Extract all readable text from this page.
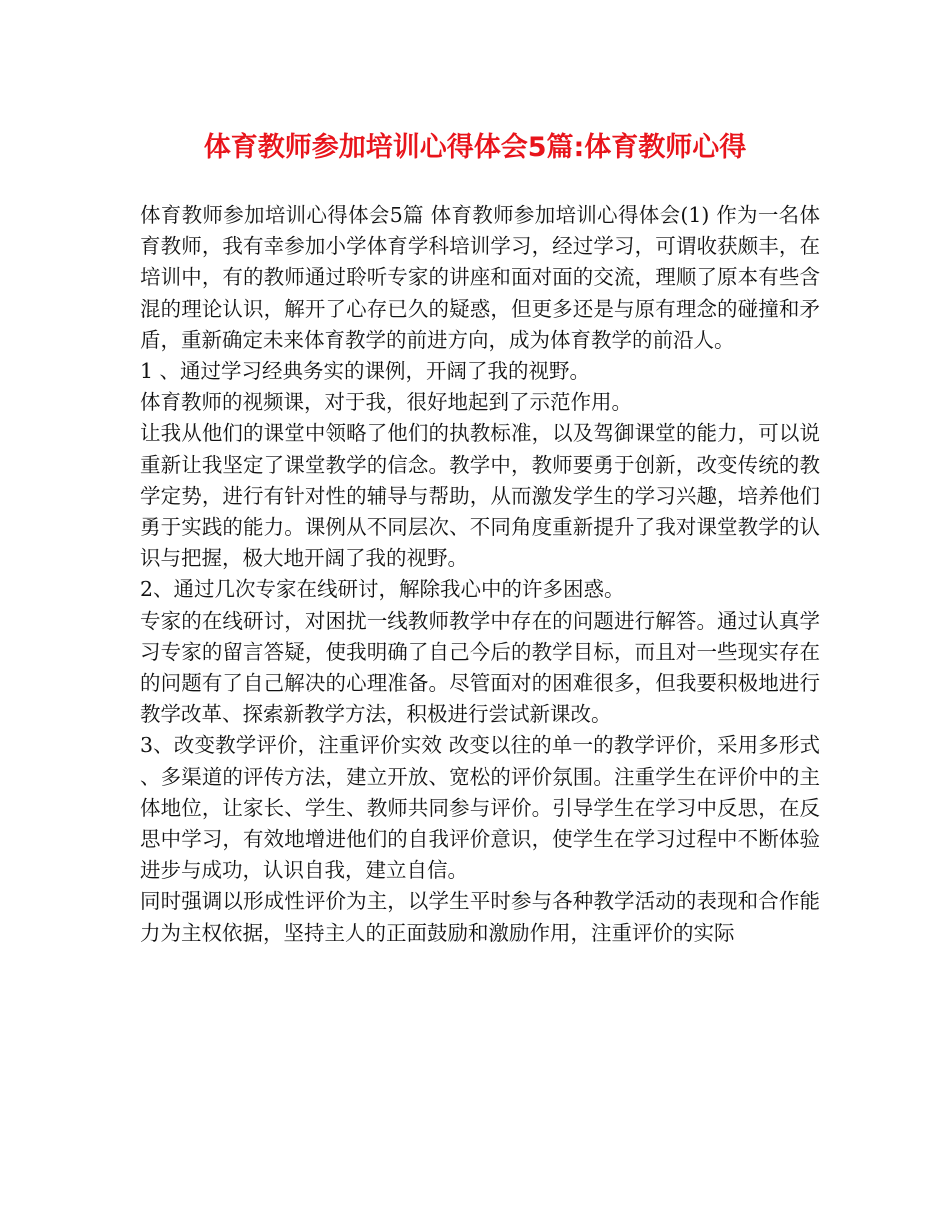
体育教师参加培训心得体会5篇:体育教师心得

体育教师参加培训心得体会5篇 体育教师参加培训心得体会(1) 作为一名体育教师，我有幸参加小学体育学科培训学习，经过学习，可谓收获颇丰，在培训中，有的教师通过聆听专家的讲座和面对面的交流，理顺了原本有些含混的理论认识，解开了心存已久的疑惑，但更多还是与原有理念的碰撞和矛盾，重新确定未来体育教学的前进方向，成为体育教学的前沿人。

1 、通过学习经典务实的课例，开阔了我的视野。

体育教师的视频课，对于我，很好地起到了示范作用。

让我从他们的课堂中领略了他们的执教标准，以及驾御课堂的能力，可以说重新让我坚定了课堂教学的信念。教学中，教师要勇于创新，改变传统的教学定势，进行有针对性的辅导与帮助，从而激发学生的学习兴趣，培养他们勇于实践的能力。课例从不同层次、不同角度重新提升了我对课堂教学的认识与把握，极大地开阔了我的视野。

2、通过几次专家在线研讨，解除我心中的许多困惑。

专家的在线研讨，对困扰一线教师教学中存在的问题进行解答。通过认真学习专家的留言答疑，使我明确了自己今后的教学目标，而且对一些现实存在的问题有了自己解决的心理准备。尽管面对的困难很多，但我要积极地进行教学改革、探索新教学方法，积极进行尝试新课改。

3、改变教学评价，注重评价实效 改变以往的单一的教学评价，采用多形式、多渠道的评传方法，建立开放、宽松的评价氛围。注重学生在评价中的主体地位，让家长、学生、教师共同参与评价。引导学生在学习中反思，在反思中学习，有效地增进他们的自我评价意识，使学生在学习过程中不断体验进步与成功，认识自我，建立自信。

同时强调以形成性评价为主，以学生平时参与各种教学活动的表现和合作能力为主权依据，坚持主人的正面鼓励和激励作用，注重评价的实际
